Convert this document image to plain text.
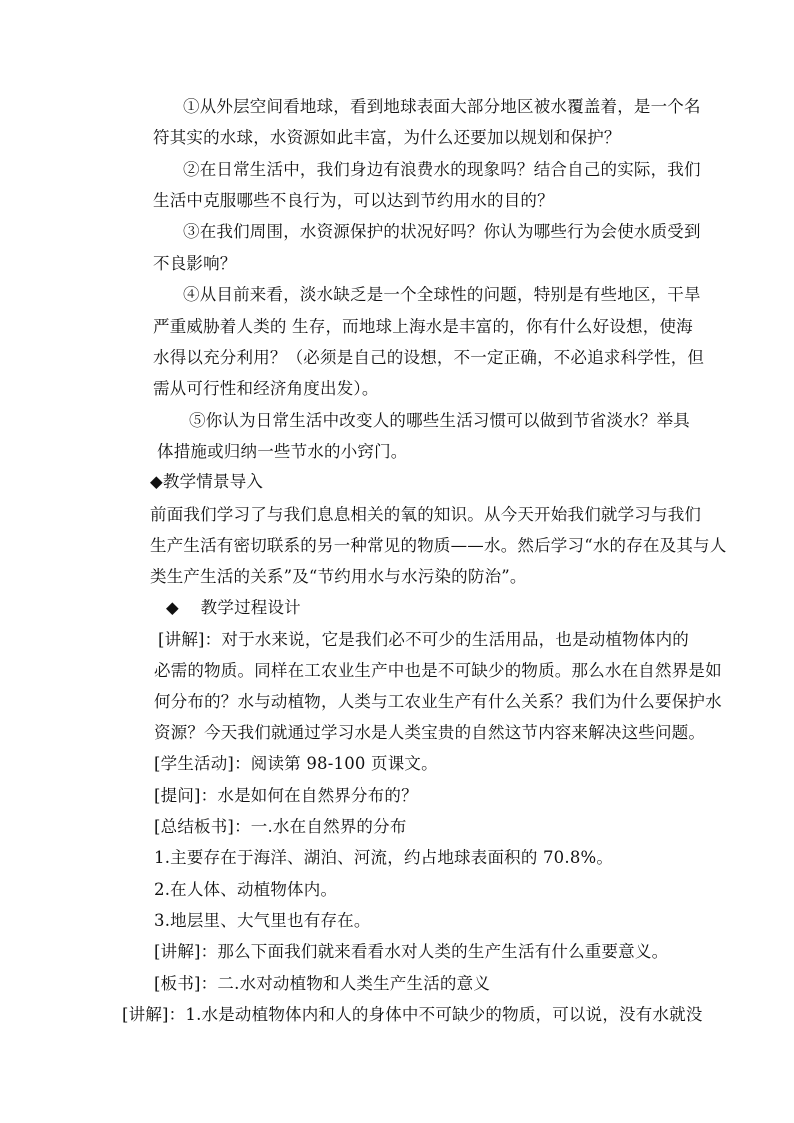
①从外层空间看地球，看到地球表面大部分地区被水覆盖着，是一个名
符其实的水球，水资源如此丰富，为什么还要加以规划和保护？
②在日常生活中，我们身边有浪费水的现象吗？结合自己的实际，我们
生活中克服哪些不良行为，可以达到节约用水的目的？
③在我们周围，水资源保护的状况好吗？你认为哪些行为会使水质受到
不良影响？
④从目前来看，淡水缺乏是一个全球性的问题，特别是有些地区，干旱
严重威胁着人类的 生存，而地球上海水是丰富的，你有什么好设想，使海
水得以充分利用？（必须是自己的设想，不一定正确，不必追求科学性，但
需从可行性和经济角度出发）。
⑤你认为日常生活中改变人的哪些生活习惯可以做到节省淡水？举具
体措施或归纳一些节水的小窍门。
◆教学情景导入
前面我们学习了与我们息息相关的氧的知识。从今天开始我们就学习与我们
生产生活有密切联系的另一种常见的物质——水。然后学习“水的存在及其与人
类生产生活的关系”及“节约用水与水污染的防治”。
◆    教学过程设计
[讲解]：对于水来说，它是我们必不可少的生活用品，也是动植物体内的
必需的物质。同样在工农业生产中也是不可缺少的物质。那么水在自然界是如
何分布的？水与动植物，人类与工农业生产有什么关系？我们为什么要保护水
资源？今天我们就通过学习水是人类宝贵的自然这节内容来解决这些问题。
[学生活动]：阅读第 98-100 页课文。
[提问]：水是如何在自然界分布的？
[总结板书]：一.水在自然界的分布
1.主要存在于海洋、湖泊、河流，约占地球表面积的 70.8%。
2.在人体、动植物体内。
3.地层里、大气里也有存在。
[讲解]：那么下面我们就来看看水对人类的生产生活有什么重要意义。
[板书]：二.水对动植物和人类生产生活的意义
[讲解]：1.水是动植物体内和人的身体中不可缺少的物质，可以说，没有水就没
